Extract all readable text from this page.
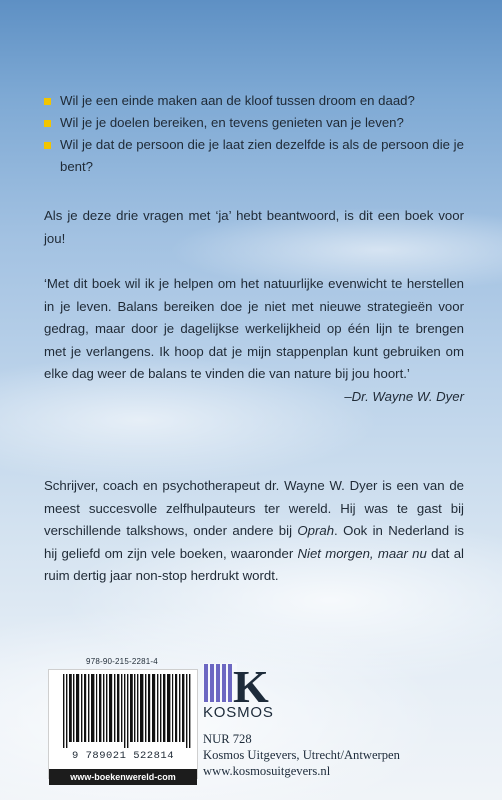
Wil je een einde maken aan de kloof tussen droom en daad?
Wil je je doelen bereiken, en tevens genieten van je leven?
Wil je dat de persoon die je laat zien dezelfde is als de persoon die je bent?

Als je deze drie vragen met ‘ja’ hebt beantwoord, is dit een boek voor jou!

‘Met dit boek wil ik je helpen om het natuurlijke evenwicht te herstellen in je leven. Balans bereiken doe je niet met nieuwe strategieën voor gedrag, maar door je dagelijkse werkelijkheid op één lijn te brengen met je verlangens. Ik hoop dat je mijn stappenplan kunt gebruiken om elke dag weer de balans te vinden die van nature bij jou hoort.’
–Dr. Wayne W. Dyer

Schrijver, coach en psychotherapeut dr. Wayne W. Dyer is een van de meest succesvolle zelfhulpauteurs ter wereld. Hij was te gast bij verschillende talkshows, onder andere bij Oprah. Ook in Nederland is hij geliefd om zijn vele boeken, waaronder Niet morgen, maar nu dat al ruim dertig jaar non-stop herdrukt wordt.

978-90-215-2281-4
9 789021 522814
www-boekenwereld-com
K
KOSMOS
NUR 728
Kosmos Uitgevers, Utrecht/Antwerpen
www.kosmosuitgevers.nl
